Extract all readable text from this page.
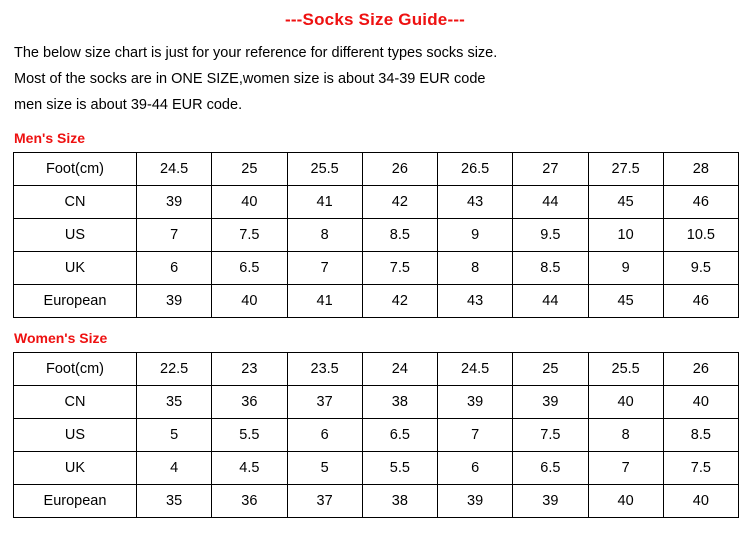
---Socks Size Guide---

The below size chart is just for your reference for different types socks size.

Most of the socks are in ONE SIZE,women size is about 34-39 EUR code

men size is about 39-44 EUR code.

Men's Size
Foot(cm)	24.5	25	25.5	26	26.5	27	27.5	28
CN	39	40	41	42	43	44	45	46
US	7	7.5	8	8.5	9	9.5	10	10.5
UK	6	6.5	7	7.5	8	8.5	9	9.5
European	39	40	41	42	43	44	45	46
Women's Size
Foot(cm)	22.5	23	23.5	24	24.5	25	25.5	26
CN	35	36	37	38	39	39	40	40
US	5	5.5	6	6.5	7	7.5	8	8.5
UK	4	4.5	5	5.5	6	6.5	7	7.5
European	35	36	37	38	39	39	40	40
